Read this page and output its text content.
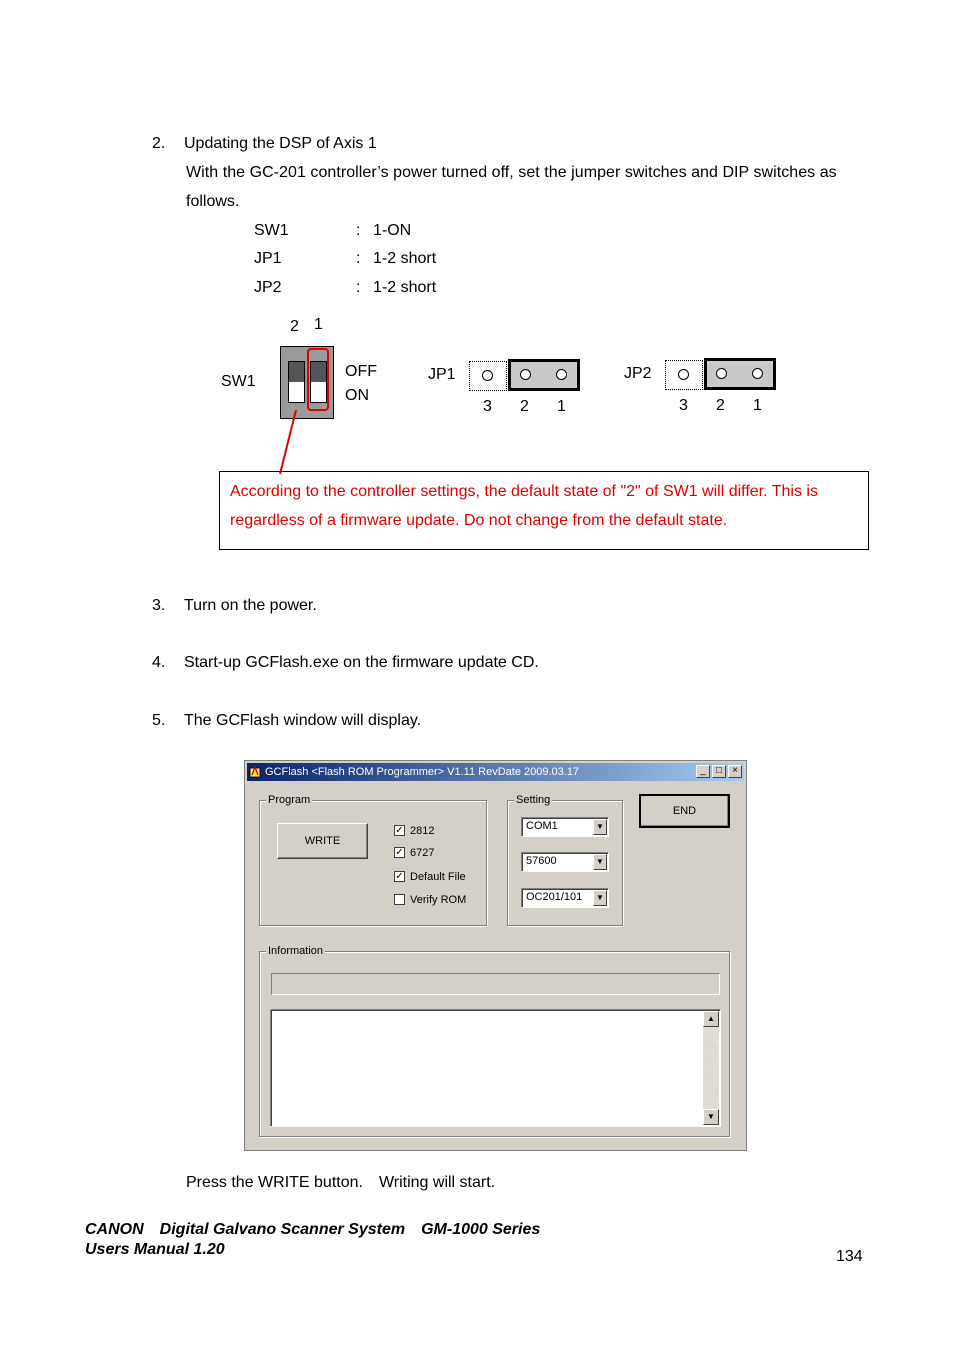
2. Updating the DSP of Axis 1
With the GC-201 controller’s power turned off, set the jumper switches and DIP switches as
follows.
SW1	: 1-ON
JP1	: 1-2 short
JP2	: 1-2 short
2 1
SW1
OFF
ON
JP1
3 2 1
JP2
3 2 1

According to the controller settings, the default state of "2" of SW1 will differ. This is regardless of a firmware update. Do not change from the default state.

3. Turn on the power.
4. Start-up GCFlash.exe on the firmware update CD.
5. The GCFlash window will display.
GCFlash <Flash ROM Programmer> V1.11 RevDate 2009.03.17	_	□	×
Program
WRITE
✓ 2812
✓ 6727
✓ Default File
Verify ROM
Setting
COM1	▼
57600	▼
OC201/101	▼
END
Information
▲
▼
Press the WRITE button.　Writing will start.
CANON　Digital Galvano Scanner System　GM-1000 Series
Users Manual 1.20	134
